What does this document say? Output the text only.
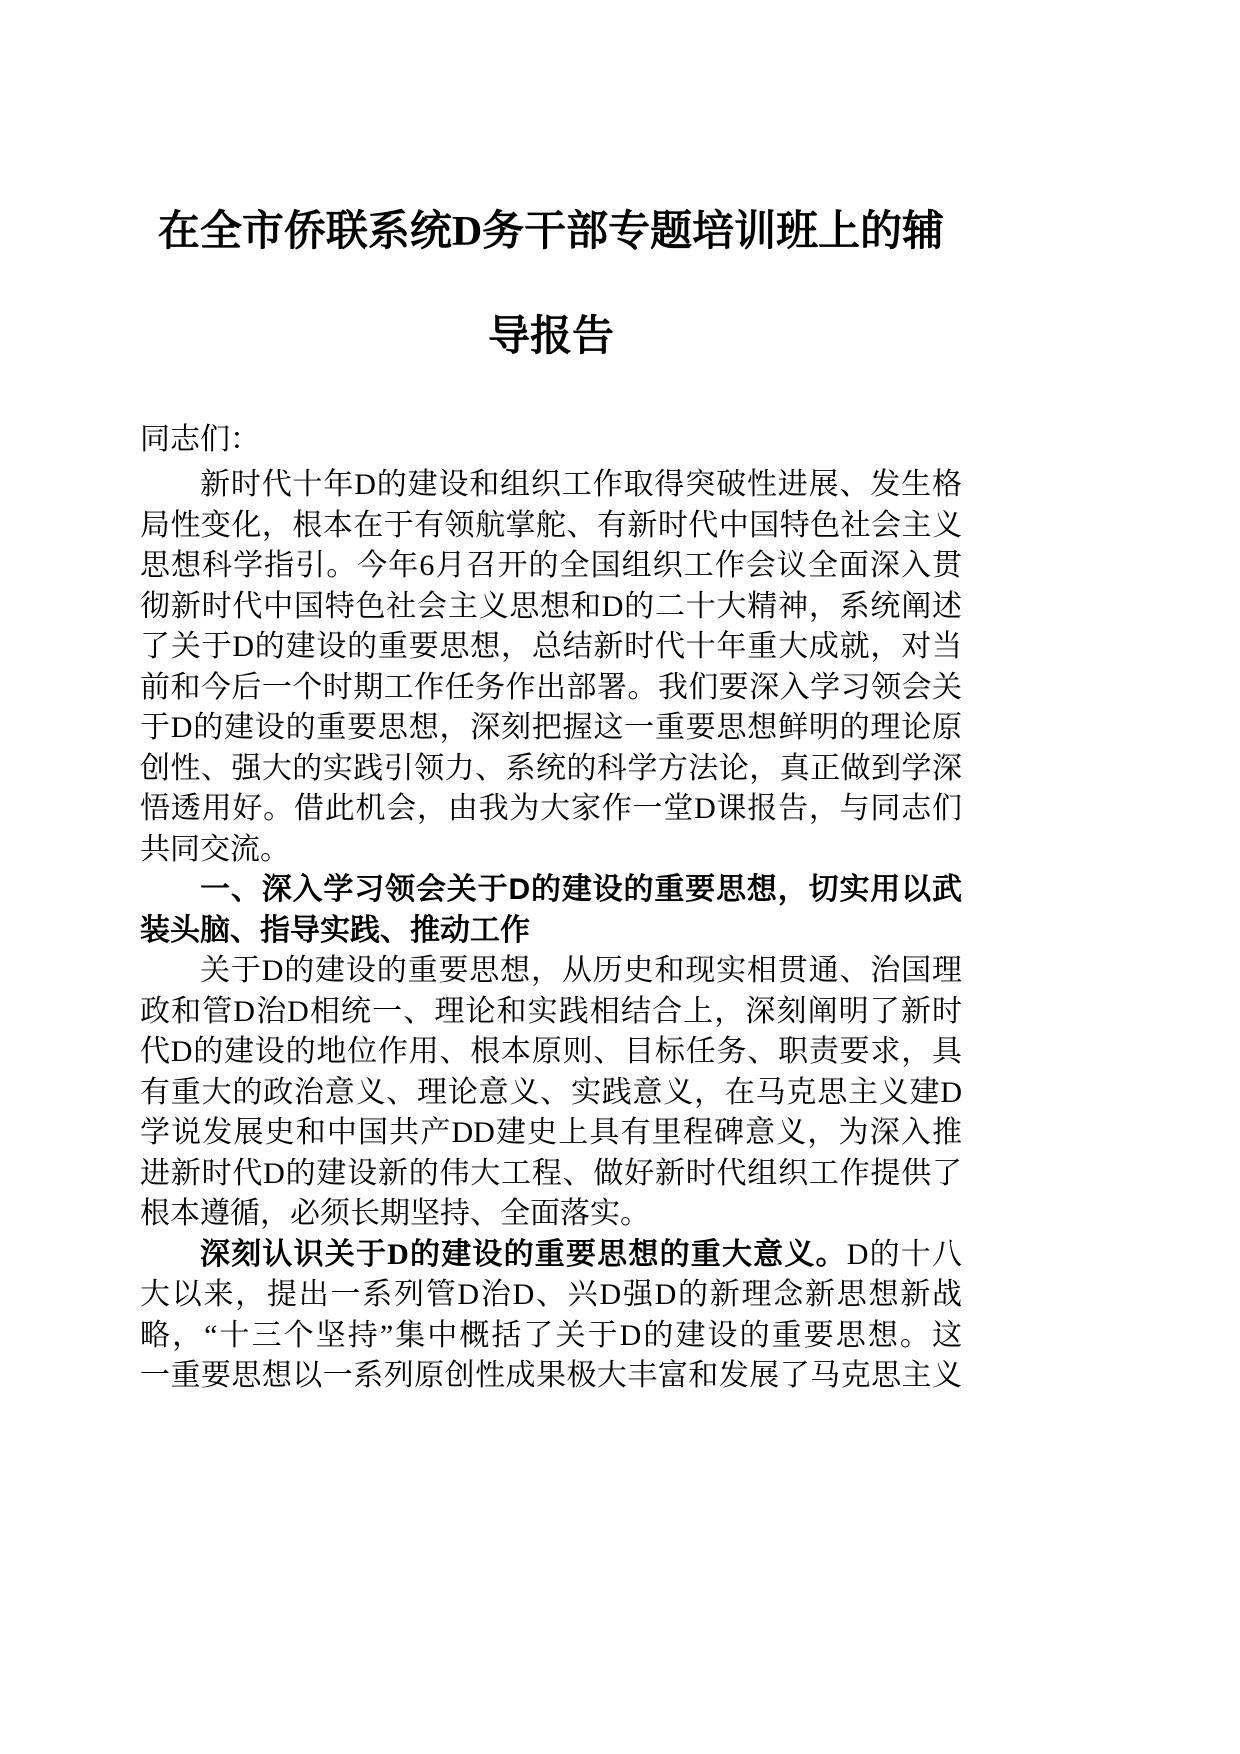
在全市侨联系统D务干部专题培训班上的辅
导报告
同志们：
新时代十年D的建设和组织工作取得突破性进展、发生格
局性变化，根本在于有领航掌舵、有新时代中国特色社会主义
思想科学指引。今年6月召开的全国组织工作会议全面深入贯
彻新时代中国特色社会主义思想和D的二十大精神，系统阐述
了关于D的建设的重要思想，总结新时代十年重大成就，对当
前和今后一个时期工作任务作出部署。我们要深入学习领会关
于D的建设的重要思想，深刻把握这一重要思想鲜明的理论原
创性、强大的实践引领力、系统的科学方法论，真正做到学深
悟透用好。借此机会，由我为大家作一堂D课报告，与同志们
共同交流。
一、深入学习领会关于D的建设的重要思想，切实用以武
装头脑、指导实践、推动工作
关于D的建设的重要思想，从历史和现实相贯通、治国理
政和管D治D相统一、理论和实践相结合上，深刻阐明了新时
代D的建设的地位作用、根本原则、目标任务、职责要求，具
有重大的政治意义、理论意义、实践意义，在马克思主义建D
学说发展史和中国共产DD建史上具有里程碑意义，为深入推
进新时代D的建设新的伟大工程、做好新时代组织工作提供了
根本遵循，必须长期坚持、全面落实。
深刻认识关于D的建设的重要思想的重大意义。D的十八
大以来，提出一系列管D治D、兴D强D的新理念新思想新战
略，“十三个坚持”集中概括了关于D的建设的重要思想。这
一重要思想以一系列原创性成果极大丰富和发展了马克思主义
